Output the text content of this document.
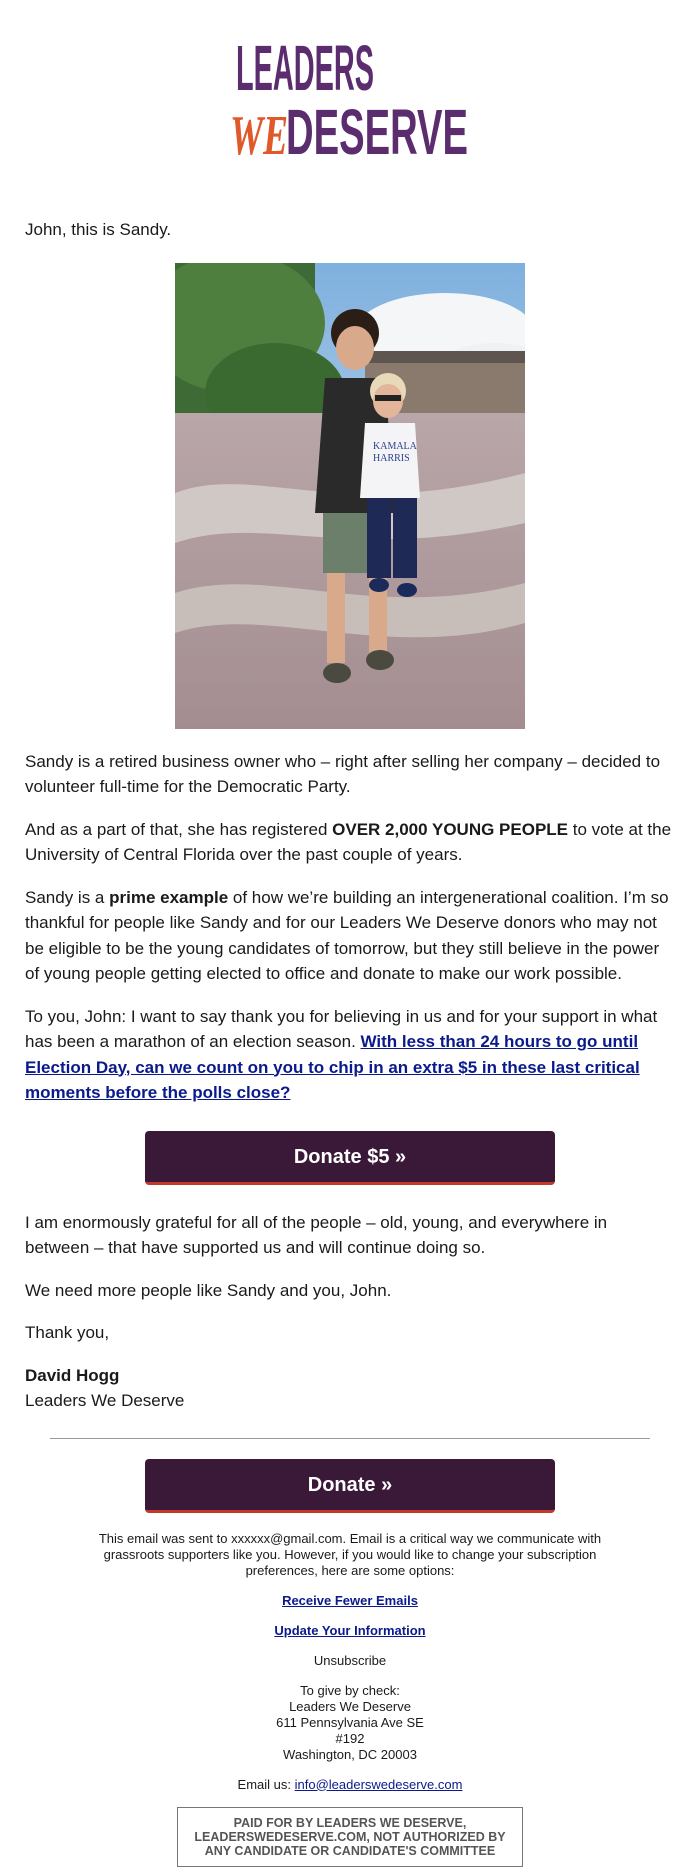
LEADERS
WE
DESERVE

John, this is Sandy.

KAMALA
HARRIS

Sandy is a retired business owner who – right after selling her company – decided to volunteer full-time for the Democratic Party.

And as a part of that, she has registered OVER 2,000 YOUNG PEOPLE to vote at the University of Central Florida over the past couple of years.

Sandy is a prime example of how we’re building an intergenerational coalition. I’m so thankful for people like Sandy and for our Leaders We Deserve donors who may not be eligible to be the young candidates of tomorrow, but they still believe in the power of young people getting elected to office and donate to make our work possible.

To you, John: I want to say thank you for believing in us and for your support in what has been a marathon of an election season. With less than 24 hours to go until Election Day, can we count on you to chip in an extra $5 in these last critical moments before the polls close?

Donate $5 »

I am enormously grateful for all of the people – old, young, and everywhere in between – that have supported us and will continue doing so.

We need more people like Sandy and you, John.

Thank you,

David Hogg

Leaders We Deserve

Donate »

This email was sent to xxxxxx@gmail.com. Email is a critical way we communicate with grassroots supporters like you. However, if you would like to change your subscription preferences, here are some options:

Receive Fewer Emails

Update Your Information

Unsubscribe

To give by check:
Leaders We Deserve
611 Pennsylvania Ave SE
#192
Washington, DC 20003

Email us: info@leaderswedeserve.com

PAID FOR BY LEADERS WE DESERVE, LEADERSWEDESERVE.COM, NOT AUTHORIZED BY ANY CANDIDATE OR CANDIDATE'S COMMITTEE
